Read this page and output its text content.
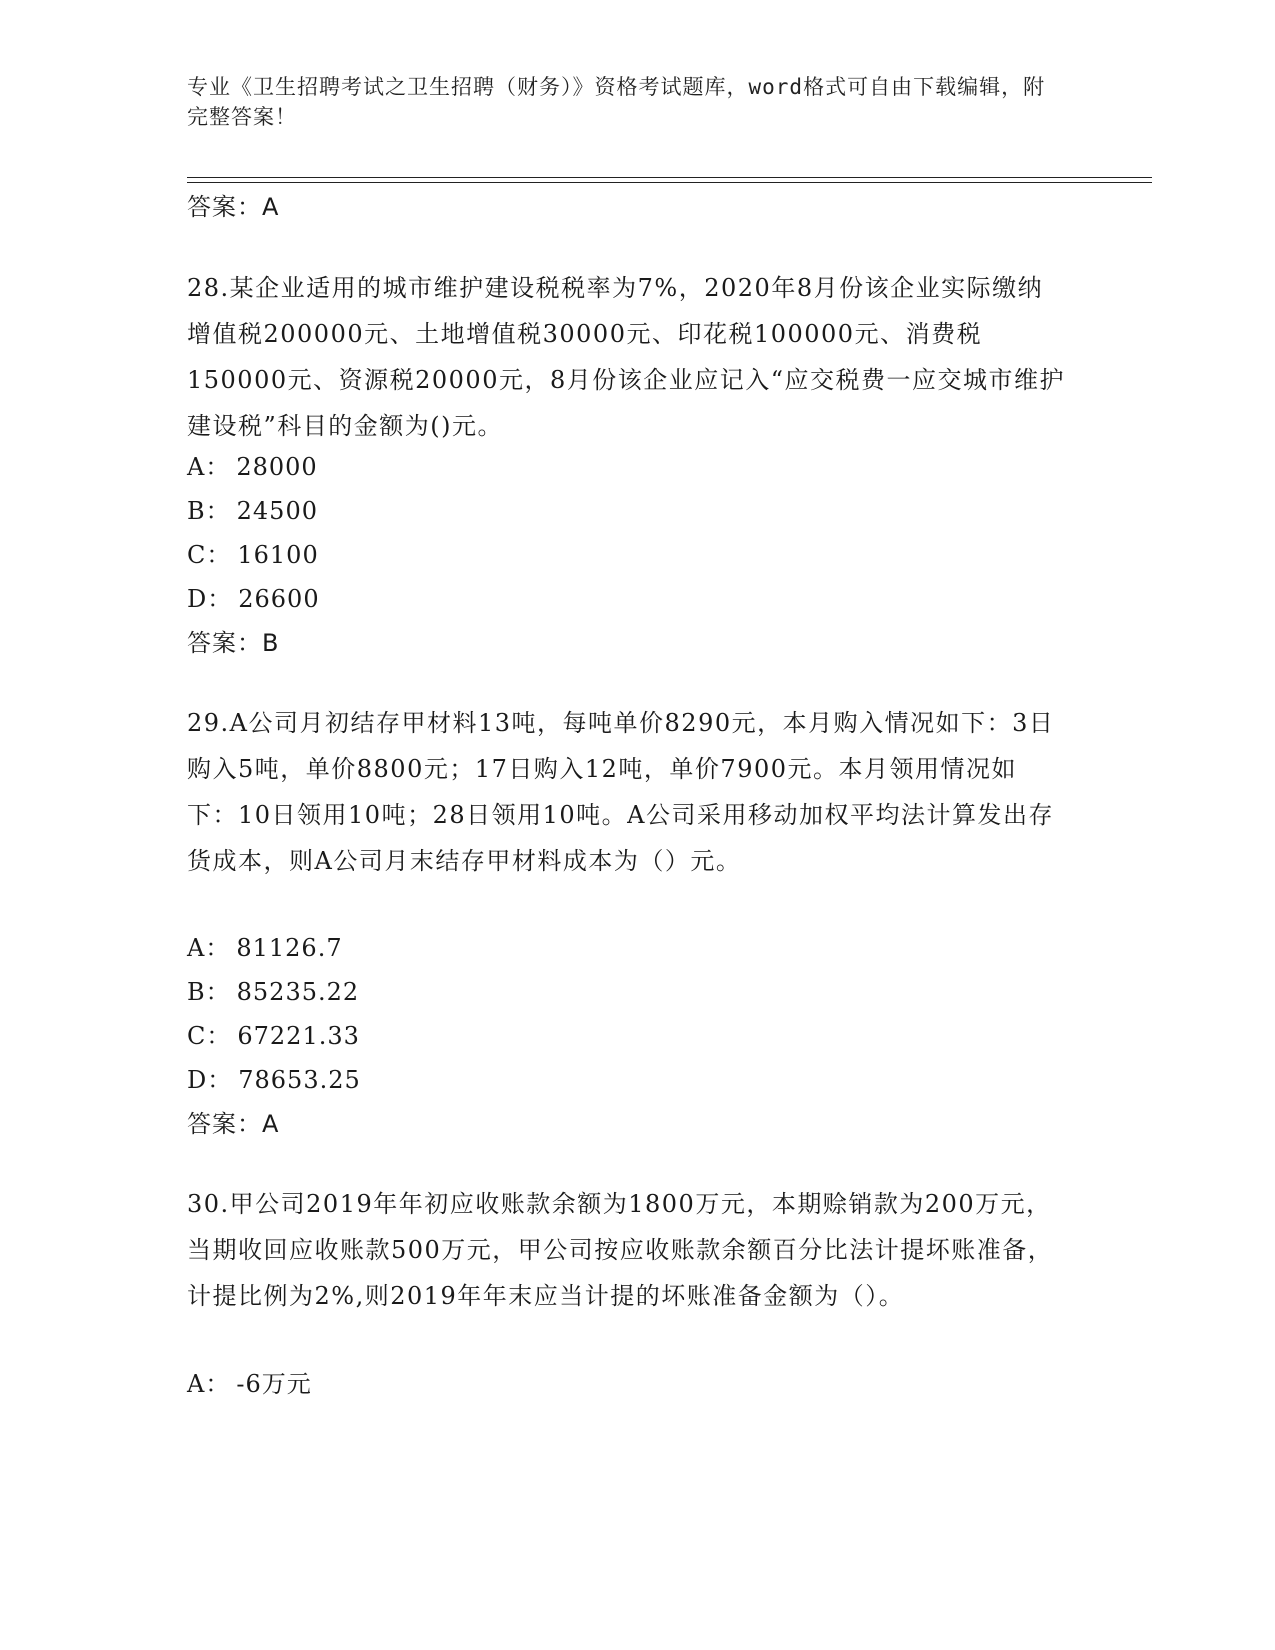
专业《卫生招聘考试之卫生招聘（财务）》资格考试题库，word格式可自由下载编辑，附完整答案！
答案：A
28.某企业适用的城市维护建设税税率为7%，2020年8月份该企业实际缴纳增值税200000元、土地增值税30000元、印花税100000元、消费税150000元、资源税20000元，8月份该企业应记入“应交税费一应交城市维护建设税”科目的金额为()元。
A： 28000
B： 24500
C： 16100
D： 26600
答案：B
29.A公司月初结存甲材料13吨，每吨单价8290元，本月购入情况如下：3日购入5吨，单价8800元；17日购入12吨，单价7900元。本月领用情况如下：10日领用10吨；28日领用10吨。A公司采用移动加权平均法计算发出存货成本，则A公司月末结存甲材料成本为（）元。
A： 81126.7
B： 85235.22
C： 67221.33
D： 78653.25
答案：A
30.甲公司2019年年初应收账款余额为1800万元，本期赊销款为200万元，当期收回应收账款500万元，甲公司按应收账款余额百分比法计提坏账准备，计提比例为2%,则2019年年末应当计提的坏账准备金额为（）。
A： -6万元
